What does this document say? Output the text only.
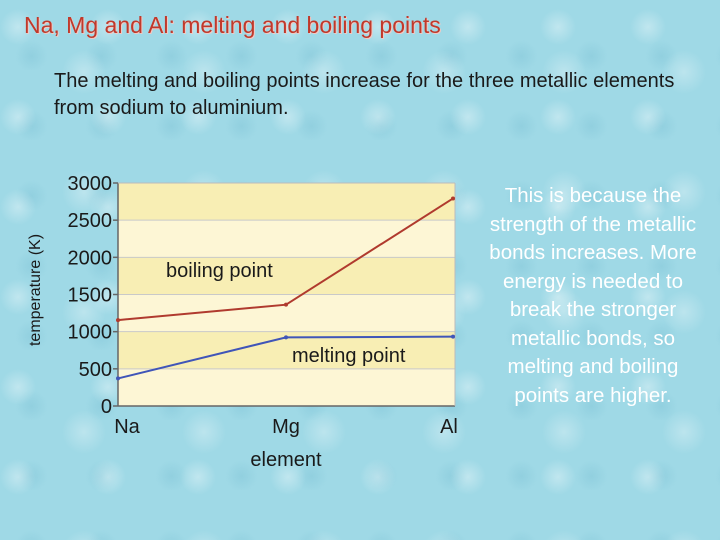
Na, Mg and Al: melting and boiling points
The melting and boiling points increase for the three metallic elements from sodium to aluminium.
0
500
1000
1500
2000
2500
3000
Na	Mg	Al
boiling point
melting point
element
temperature (K)
This is because the strength of the metallic bonds increases. More energy is needed to break the stronger metallic bonds, so melting and boiling points are higher.
